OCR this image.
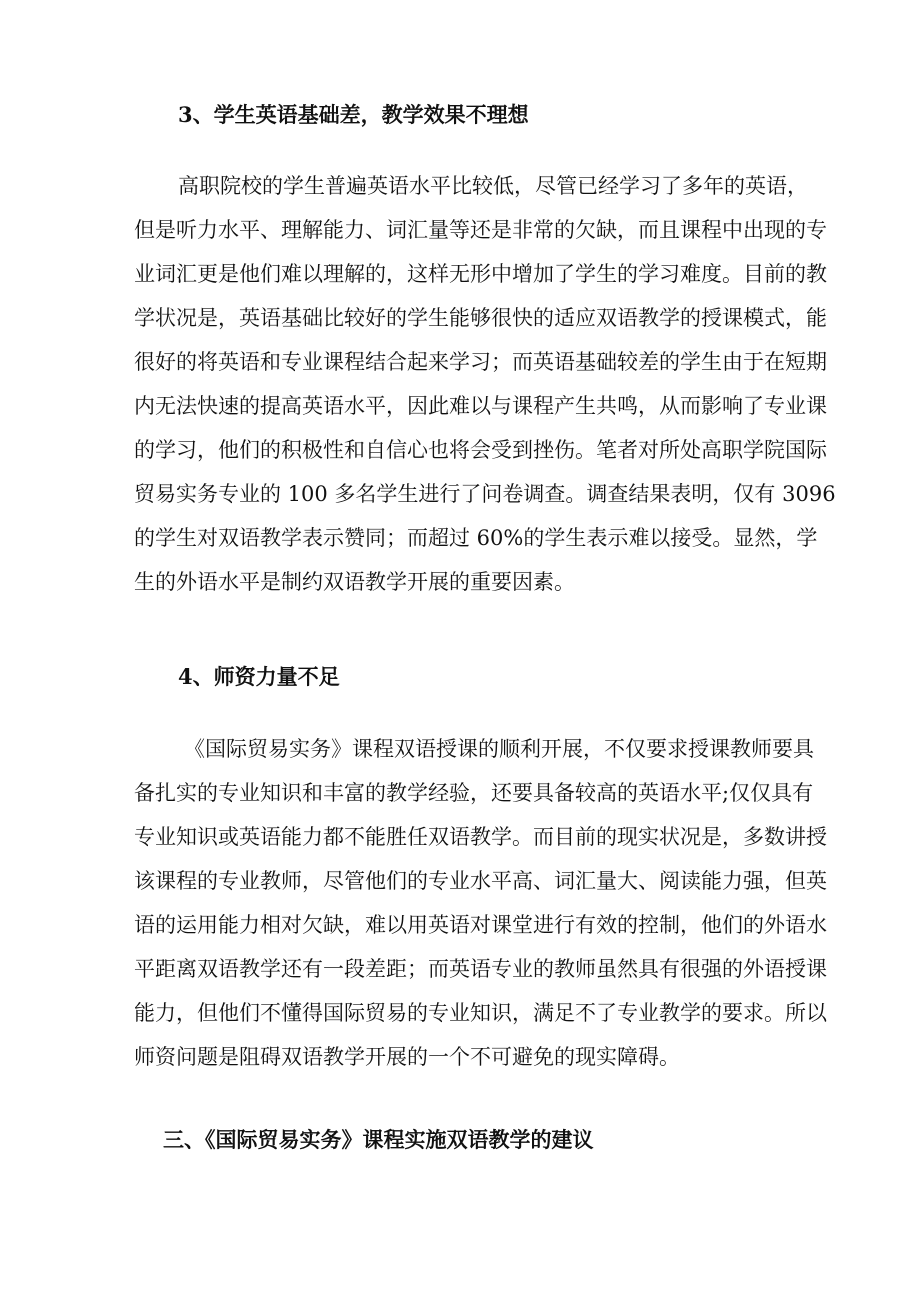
3、学生英语基础差，教学效果不理想
高职院校的学生普遍英语水平比较低，尽管已经学习了多年的英语，
但是听力水平、理解能力、词汇量等还是非常的欠缺，而且课程中出现的专
业词汇更是他们难以理解的，这样无形中增加了学生的学习难度。目前的教
学状况是，英语基础比较好的学生能够很快的适应双语教学的授课模式，能
很好的将英语和专业课程结合起来学习；而英语基础较差的学生由于在短期
内无法快速的提高英语水平，因此难以与课程产生共鸣，从而影响了专业课
的学习，他们的积极性和自信心也将会受到挫伤。笔者对所处高职学院国际
贸易实务专业的 100 多名学生进行了问卷调查。调查结果表明，仅有 3096
的学生对双语教学表示赞同；而超过 60%的学生表示难以接受。显然，学
生的外语水平是制约双语教学开展的重要因素。
4、师资力量不足
《国际贸易实务》课程双语授课的顺利开展，不仅要求授课教师要具
备扎实的专业知识和丰富的教学经验，还要具备较高的英语水平;仅仅具有
专业知识或英语能力都不能胜任双语教学。而目前的现实状况是，多数讲授
该课程的专业教师，尽管他们的专业水平高、词汇量大、阅读能力强，但英
语的运用能力相对欠缺，难以用英语对课堂进行有效的控制，他们的外语水
平距离双语教学还有一段差距；而英语专业的教师虽然具有很强的外语授课
能力，但他们不懂得国际贸易的专业知识，满足不了专业教学的要求。所以
师资问题是阻碍双语教学开展的一个不可避免的现实障碍。
三、《国际贸易实务》课程实施双语教学的建议
